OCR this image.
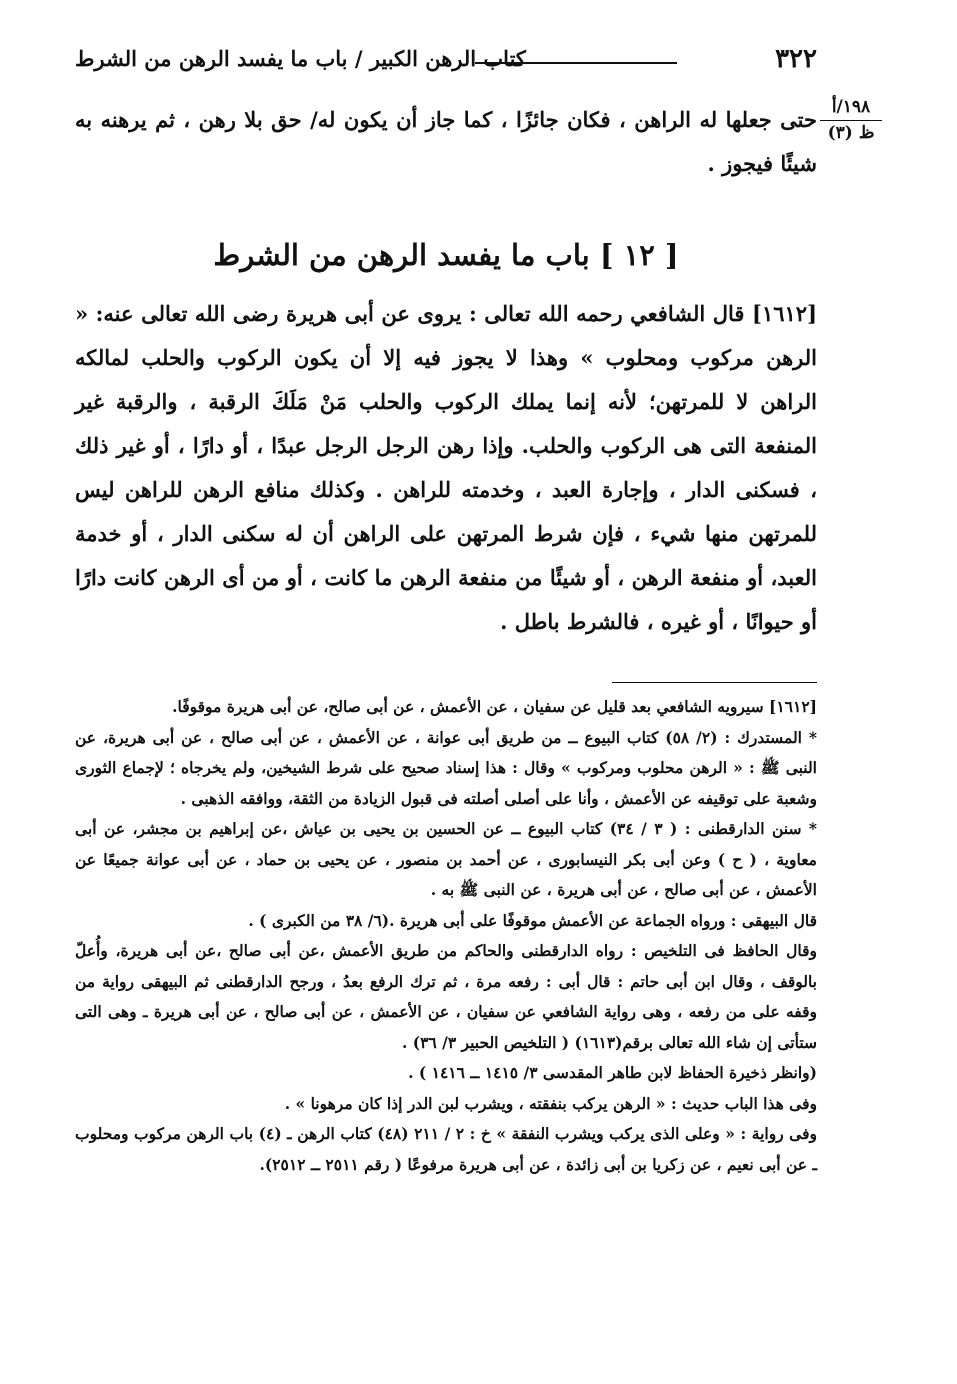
٣٢٢
كتاب الرهن الكبير / باب ما يفسد الرهن من الشرط
١٩٨/أ
ظ (٣)
حتى جعلها له الراهن ، فكان جائزًا ، كما جاز أن يكون له/ حق بلا رهن ، ثم يرهنه به شيئًا فيجوز .
[ ١٢ ] باب ما يفسد الرهن من الشرط
[١٦١٢] قال الشافعي رحمه الله تعالى : يروى عن أبى هريرة رضى الله تعالى عنه: « الرهن مركوب ومحلوب » وهذا لا يجوز فيه إلا أن يكون الركوب والحلب لمالكه الراهن لا للمرتهن؛ لأنه إنما يملك الركوب والحلب مَنْ مَلَكَ الرقبة ، والرقبة غير المنفعة التى هى الركوب والحلب. وإذا رهن الرجل الرجل عبدًا ، أو دارًا ، أو غير ذلك ، فسكنى الدار ، وإجارة العبد ، وخدمته للراهن . وكذلك منافع الرهن للراهن ليس للمرتهن منها شيء ، فإن شرط المرتهن على الراهن أن له سكنى الدار ، أو خدمة العبد، أو منفعة الرهن ، أو شيئًا من منفعة الرهن ما كانت ، أو من أى الرهن كانت دارًا أو حيوانًا ، أو غيره ، فالشرط باطل .

[١٦١٢] سيرويه الشافعي بعد قليل عن سفيان ، عن الأعمش ، عن أبى صالح، عن أبى هريرة موقوفًا.

* المستدرك : (٢/ ٥٨) كتاب البيوع ــ من طريق أبى عوانة ، عن الأعمش ، عن أبى صالح ، عن أبى هريرة، عن النبى ﷺ : « الرهن محلوب ومركوب » وقال : هذا إسناد صحيح على شرط الشيخين، ولم يخرجاه ؛ لإجماع الثورى وشعبة على توقيفه عن الأعمش ، وأنا على أصلى أصلته فى قبول الزيادة من الثقة، ووافقه الذهبى .

* سنن الدارقطنى : ( ٣ / ٣٤) كتاب البيوع ــ عن الحسين بن يحيى بن عياش ،عن إبراهيم بن مجشر، عن أبى معاوية ، ( ح ) وعن أبى بكر النيسابورى ، عن أحمد بن منصور ، عن يحيى بن حماد ، عن أبى عوانة جميعًا عن الأعمش ، عن أبى صالح ، عن أبى هريرة ، عن النبى ﷺ به .

قال البيهقى : ورواه الجماعة عن الأعمش موقوفًا على أبى هريرة .(٦/ ٣٨ من الكبرى ) .

وقال الحافظ فى التلخيص : رواه الدارقطنى والحاكم من طريق الأعمش ،عن أبى صالح ،عن أبى هريرة، وأُعلّ بالوقف ، وقال ابن أبى حاتم : قال أبى : رفعه مرة ، ثم ترك الرفع بعدُ ، ورجح الدارقطنى ثم البيهقى رواية من وقفه على من رفعه ، وهى رواية الشافعي عن سفيان ، عن الأعمش ، عن أبى صالح ، عن أبى هريرة ـ وهى التى ستأتى إن شاء الله تعالى برقم(١٦١٣) ( التلخيص الحبير ٣/ ٣٦) .

(وانظر ذخيرة الحفاظ لابن طاهر المقدسى ٣/ ١٤١٥ ــ ١٤١٦ ) .

وفى هذا الباب حديث : « الرهن يركب بنفقته ، ويشرب لبن الدر إذا كان مرهونا » .

وفى رواية : « وعلى الذى يركب ويشرب النفقة » خ : ٢ / ٢١١ (٤٨) كتاب الرهن ـ (٤) باب الرهن مركوب ومحلوب ـ عن أبى نعيم ، عن زكريا بن أبى زائدة ، عن أبى هريرة مرفوعًا ( رقم ٢٥١١ ــ ٢٥١٢).
